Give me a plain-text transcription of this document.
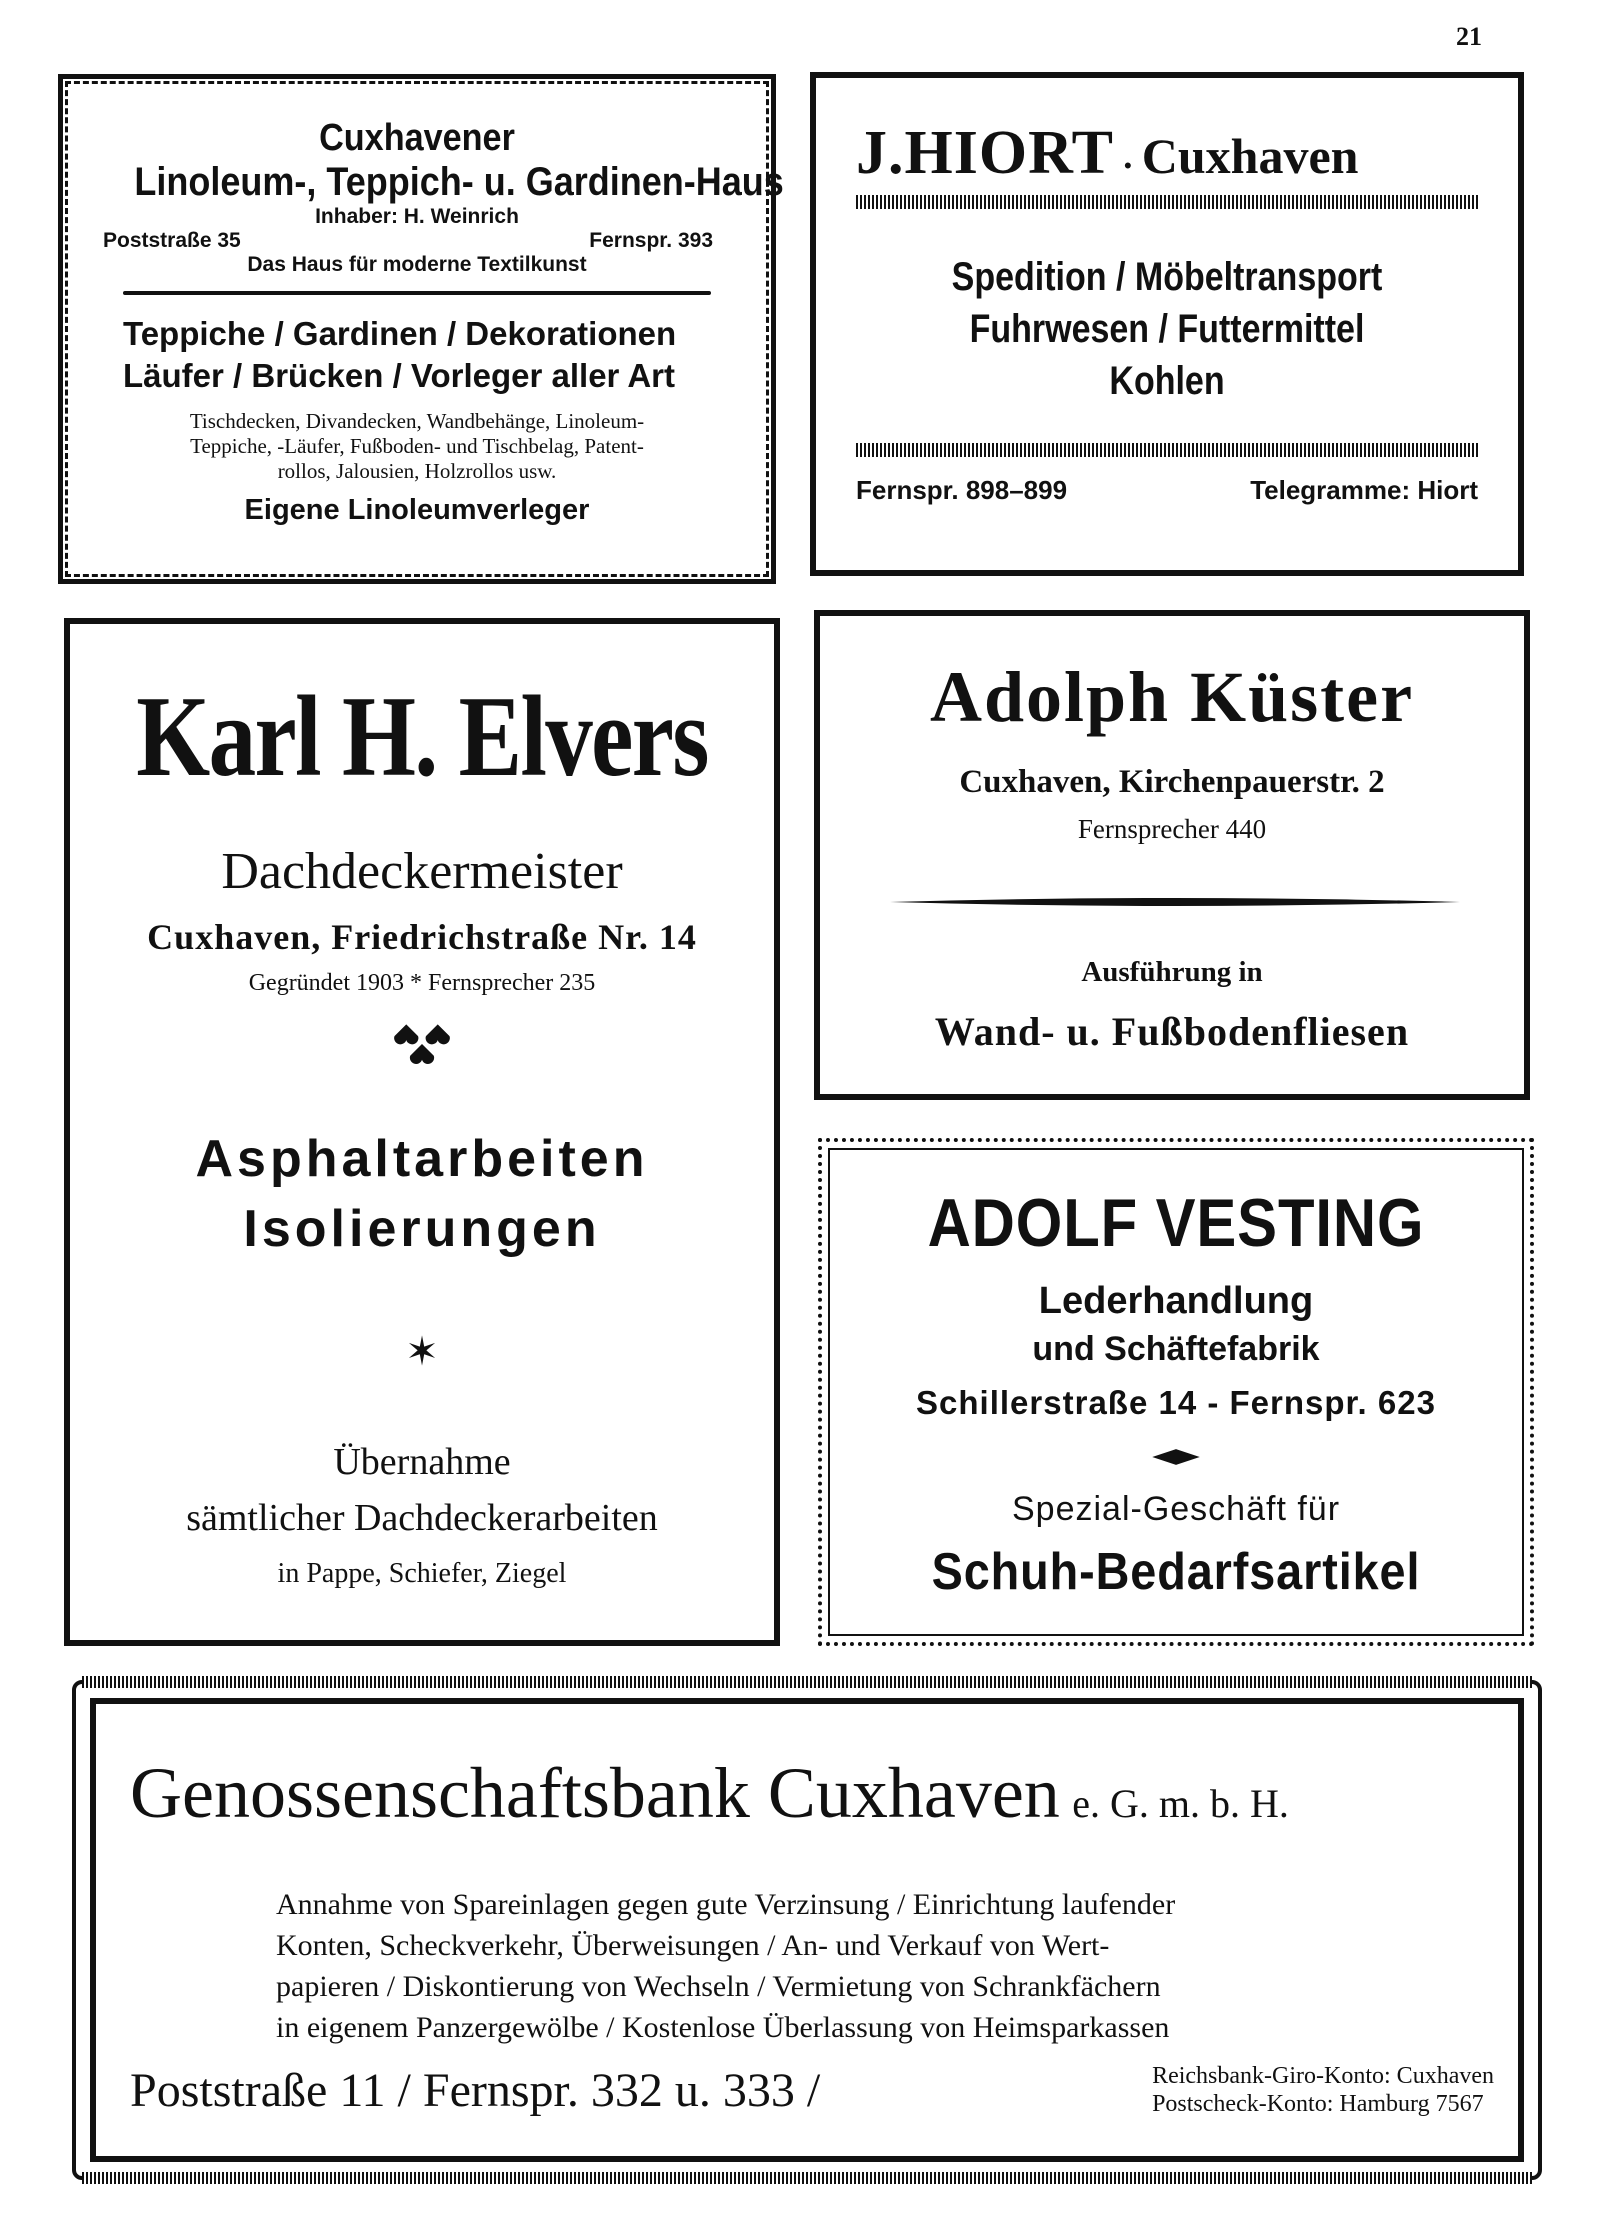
21
Cuxhavener
Linoleum-, Teppich- u. Gardinen-Haus
Inhaber: H. Weinrich
Poststraße 35	Fernspr. 393
Das Haus für moderne Textilkunst
Teppiche / Gardinen / Dekorationen
Läufer / Brücken / Vorleger aller Art
Tischdecken, Divandecken, Wandbehänge, Linoleum-
Teppiche, -Läufer, Fußboden- und Tischbelag, Patent-
rollos, Jalousien, Holzrollos usw.
Eigene Linoleumverleger
J.HIORT • Cuxhaven
Spedition / Möbeltransport
Fuhrwesen / Futtermittel
Kohlen
Fernspr. 898–899	Telegramme: Hiort
Karl H. Elvers
Dachdeckermeister
Cuxhaven, Friedrichstraße Nr. 14
Gegründet 1903 * Fernsprecher 235
Asphaltarbeiten
Isolierungen
✶
Übernahme
sämtlicher Dachdeckerarbeiten
in Pappe, Schiefer, Ziegel
Adolph Küster
Cuxhaven, Kirchenpauerstr. 2
Fernsprecher 440
Ausführung in
Wand- u. Fußbodenfliesen
ADOLF VESTING
Lederhandlung
und Schäftefabrik
Schillerstraße 14 - Fernspr. 623
Spezial-Geschäft für
Schuh-Bedarfsartikel
Genossenschaftsbank Cuxhaven e. G. m. b. H.
Annahme von Spareinlagen gegen gute Verzinsung / Einrichtung laufender
Konten, Scheckverkehr, Überweisungen / An- und Verkauf von Wert-
papieren / Diskontierung von Wechseln / Vermietung von Schrankfächern
in eigenem Panzergewölbe / Kostenlose Überlassung von Heimsparkassen
Poststraße 11 / Fernspr. 332 u. 333 /	Reichsbank-Giro-Konto: Cuxhaven
Postscheck-Konto: Hamburg 7567
